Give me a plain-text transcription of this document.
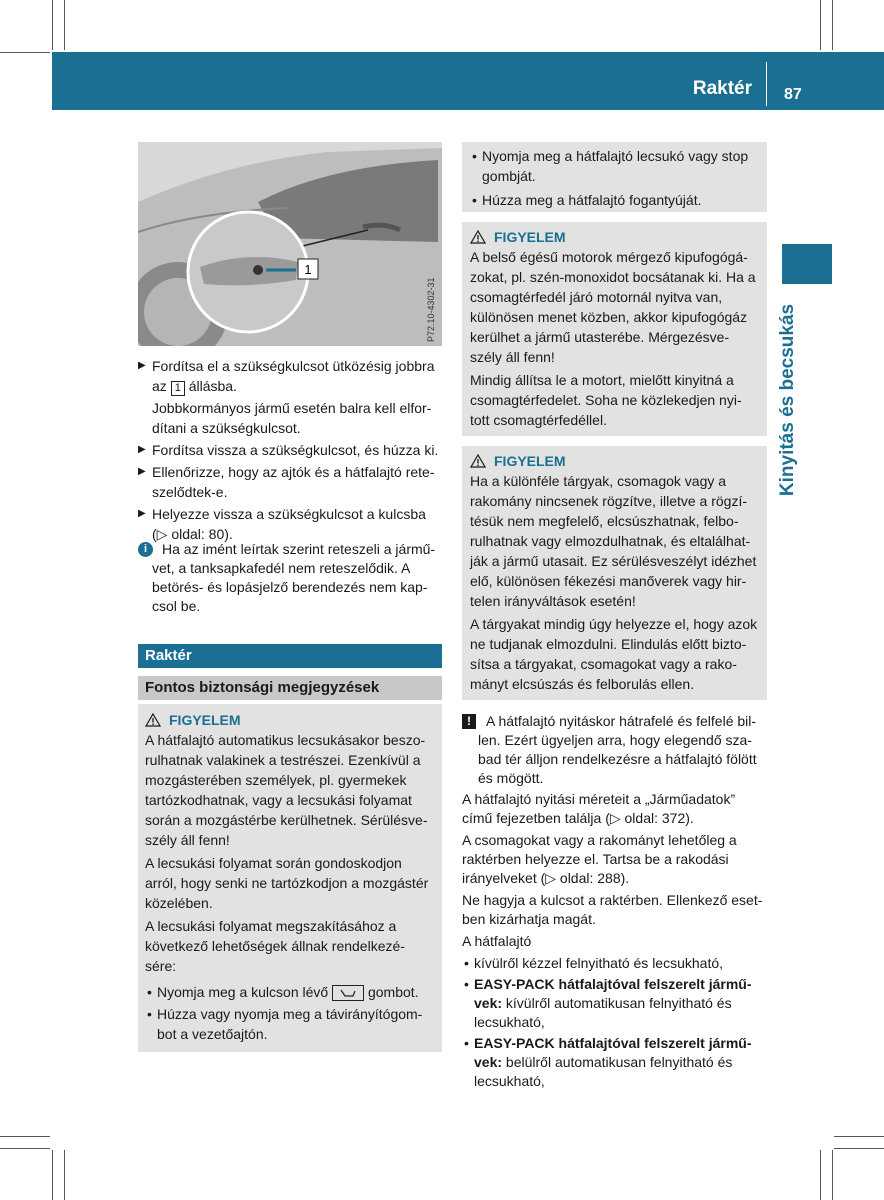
Raktér 87
Kinyitás és becsukás
1
P72.10-4302-31
▶ Fordítsa el a szükségkulcsot ütközésig jobbra
az 1 állásba.
Jobbkormányos jármű esetén balra kell elfor-
dítani a szükségkulcsot.
▶ Fordítsa vissza a szükségkulcsot, és húzza ki.
▶ Ellenőrizze, hogy az ajtók és a hátfalajtó rete-
szelődtek-e.
▶ Helyezze vissza a szükségkulcsot a kulcsba
(▷ oldal: 80).
i	Ha az imént leírtak szerint reteszeli a jármű-

vet, a tanksapkafedél nem reteszelődik. A
betörés- és lopásjelző berendezés nem kap-
csol be.
Raktér
Fontos biztonsági megjegyzések
FIGYELEM

A hátfalajtó automatikus lecsukásakor beszo-
rulhatnak valakinek a testrészei. Ezenkívül a
mozgásterében személyek, pl. gyermekek
tartózkodhatnak, vagy a lecsukási folyamat
során a mozgástérbe kerülhetnek. Sérülésve-
szély áll fenn!

A lecsukási folyamat során gondoskodjon
arról, hogy senki ne tartózkodjon a mozgástér
közelében.

A lecsukási folyamat megszakításához a
következő lehetőségek állnak rendelkezé-
sére:

• Nyomja meg a kulcson lévő
gombot.
• Húzza vagy nyomja meg a távirányítógom-
bot a vezetőajtón.
• Nyomja meg a hátfalajtó lecsukó vagy stop
gombját.
• Húzza meg a hátfalajtó fogantyúját.
FIGYELEM

A belső égésű motorok mérgező kipufogógá-
zokat, pl. szén-monoxidot bocsátanak ki. Ha a
csomagtérfedél járó motornál nyitva van,
különösen menet közben, akkor kipufogógáz
kerülhet a jármű utasterébe. Mérgezésve-
szély áll fenn!

Mindig állítsa le a motort, mielőtt kinyitná a
csomagtérfedelet. Soha ne közlekedjen nyi-
tott csomagtérfedéllel.

FIGYELEM

Ha a különféle tárgyak, csomagok vagy a
rakomány nincsenek rögzítve, illetve a rögzí-
tésük nem megfelelő, elcsúszhatnak, felbo-
rulhatnak vagy elmozdulhatnak, és eltalálhat-
ják a jármű utasait. Ez sérülésveszélyt idézhet
elő, különösen fékezési manőverek vagy hir-
telen irányváltások esetén!

A tárgyakat mindig úgy helyezze el, hogy azok
ne tudjanak elmozdulni. Elindulás előtt bizto-
sítsa a tárgyakat, csomagokat vagy a rako-
mányt elcsúszás és felborulás ellen.

!	A hátfalajtó nyitáskor hátrafelé és felfelé bil-
len. Ezért ügyeljen arra, hogy elegendő sza-
bad tér álljon rendelkezésre a hátfalajtó fölött
és mögött.

A hátfalajtó nyitási méreteit a „Járműadatok”
című fejezetben találja (▷ oldal: 372).

A csomagokat vagy a rakományt lehetőleg a
raktérben helyezze el. Tartsa be a rakodási
irányelveket (▷ oldal: 288).

Ne hagyja a kulcsot a raktérben. Ellenkező eset-
ben kizárhatja magát.

A hátfalajtó

• kívülről kézzel felnyitható és lecsukható,
• EASY-PACK hátfalajtóval felszerelt jármű-
vek: kívülről automatikusan felnyitható és
lecsukható,
• EASY-PACK hátfalajtóval felszerelt jármű-
vek: belülről automatikusan felnyitható és
lecsukható,
